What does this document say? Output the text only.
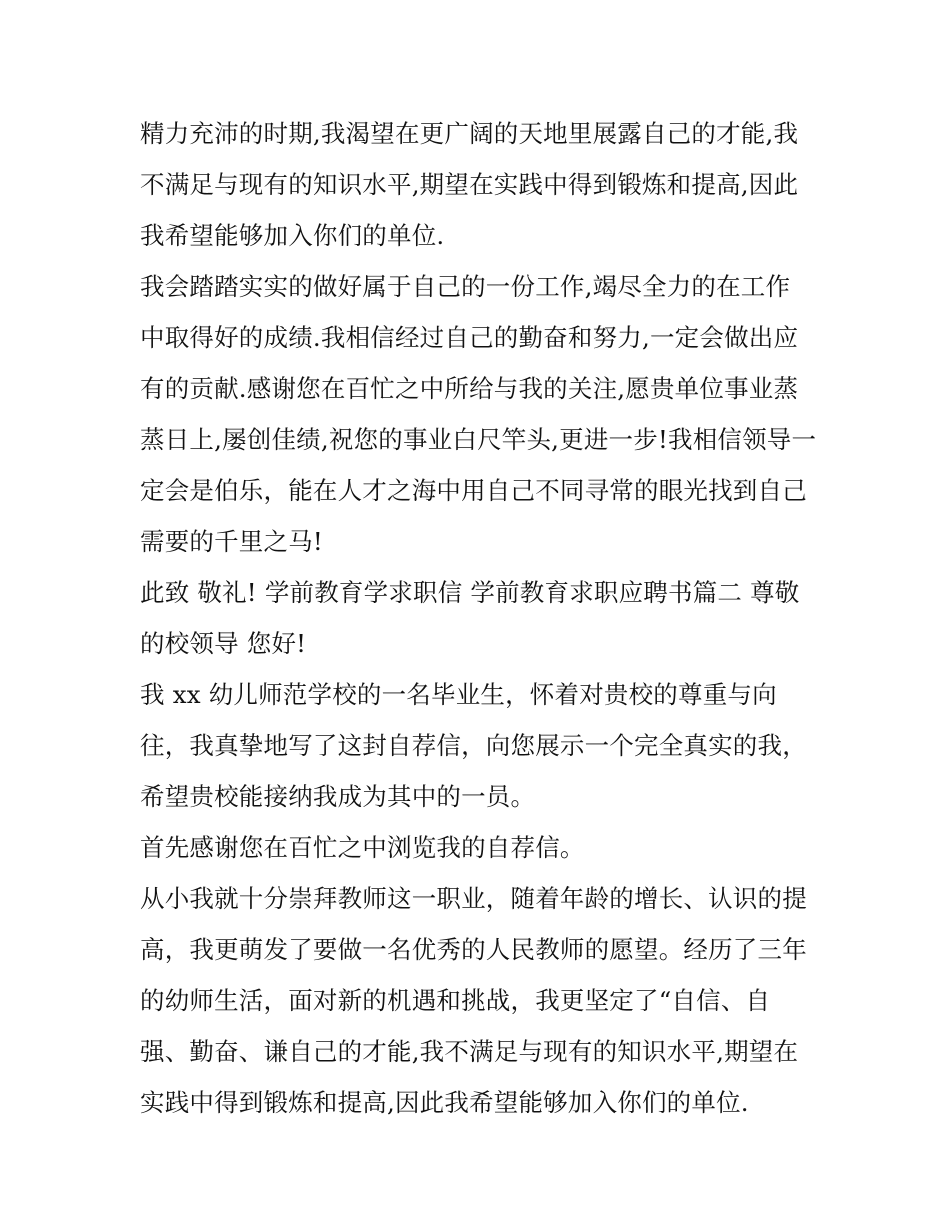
精力充沛的时期,我渴望在更广阔的天地里展露自己的才能,我
不满足与现有的知识水平,期望在实践中得到锻炼和提高,因此
我希望能够加入你们的单位.
我会踏踏实实的做好属于自己的一份工作,竭尽全力的在工作
中取得好的成绩.我相信经过自己的勤奋和努力,一定会做出应
有的贡献.感谢您在百忙之中所给与我的关注,愿贵单位事业蒸
蒸日上,屡创佳绩,祝您的事业白尺竿头,更进一步!我相信领导一
定会是伯乐，能在人才之海中用自己不同寻常的眼光找到自己
需要的千里之马!
此致 敬礼! 学前教育学求职信 学前教育求职应聘书篇二 尊敬
的校领导 您好!
我 xx 幼儿师范学校的一名毕业生，怀着对贵校的尊重与向
往，我真挚地写了这封自荐信，向您展示一个完全真实的我，
希望贵校能接纳我成为其中的一员。
首先感谢您在百忙之中浏览我的自荐信。
从小我就十分崇拜教师这一职业，随着年龄的增长、认识的提
高，我更萌发了要做一名优秀的人民教师的愿望。经历了三年
的幼师生活，面对新的机遇和挑战，我更坚定了“自信、自
强、勤奋、谦自己的才能,我不满足与现有的知识水平,期望在
实践中得到锻炼和提高,因此我希望能够加入你们的单位.
